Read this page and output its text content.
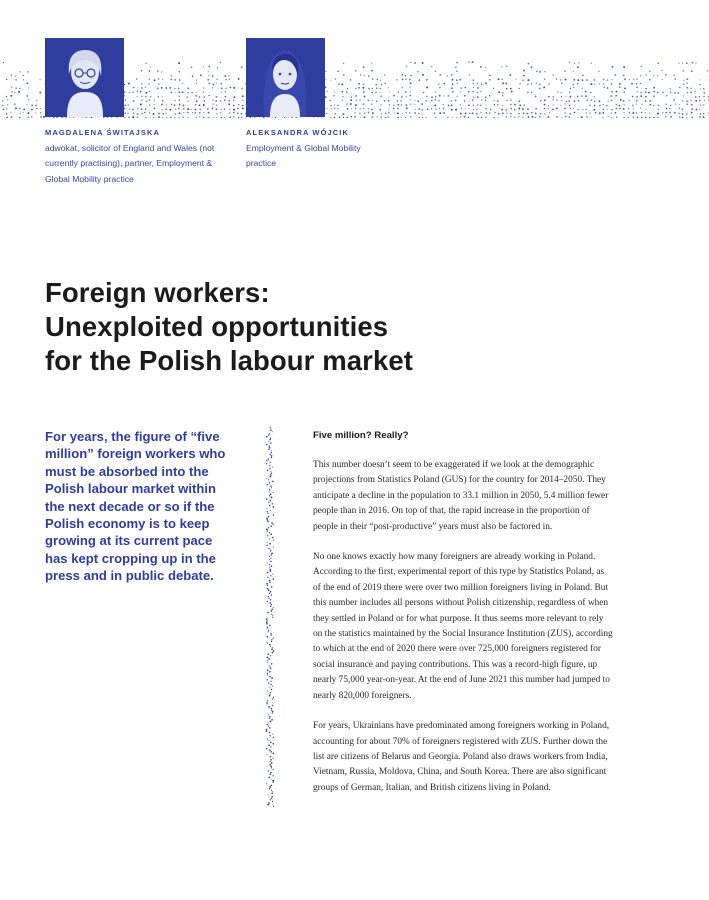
MAGDALENA ŚWITAJSKA

adwokat, solicitor of England and Wales (not currently practising), partner, Employment & Global Mobility practice

ALEKSANDRA WÓJCIK

Employment & Global Mobility practice

Foreign workers:
Unexploited opportunities
for the Polish labour market

For years, the figure of “five million” foreign workers who must be absorbed into the Polish labour market within the next decade or so if the Polish economy is to keep growing at its current pace has kept cropping up in the press and in public debate.

Five million? Really?

This number doesn’t seem to be exaggerated if we look at the demographic projections from Statistics Poland (GUS) for the country for 2014–2050. They anticipate a decline in the population to 33.1 million in 2050, 5.4 million fewer people than in 2016. On top of that, the rapid increase in the proportion of people in their “post-productive” years must also be factored in.

No one knows exactly how many foreigners are already working in Poland. According to the first, experimental report of this type by Statistics Poland, as of the end of 2019 there were over two million foreigners living in Poland. But this number includes all persons without Polish citizenship, regardless of when they settled in Poland or for what purpose. It thus seems more relevant to rely on the statistics maintained by the Social Insurance Institution (ZUS), according to which at the end of 2020 there were over 725,000 foreigners registered for social insurance and paying contributions. This was a record-high figure, up nearly 75,000 year-on-year. At the end of June 2021 this number had jumped to nearly 820,000 foreigners.

For years, Ukrainians have predominated among foreigners working in Poland, accounting for about 70% of foreigners registered with ZUS. Further down the list are citizens of Belarus and Georgia. Poland also draws workers from India, Vietnam, Russia, Moldova, China, and South Korea. There are also significant groups of German, Italian, and British citizens living in Poland.
